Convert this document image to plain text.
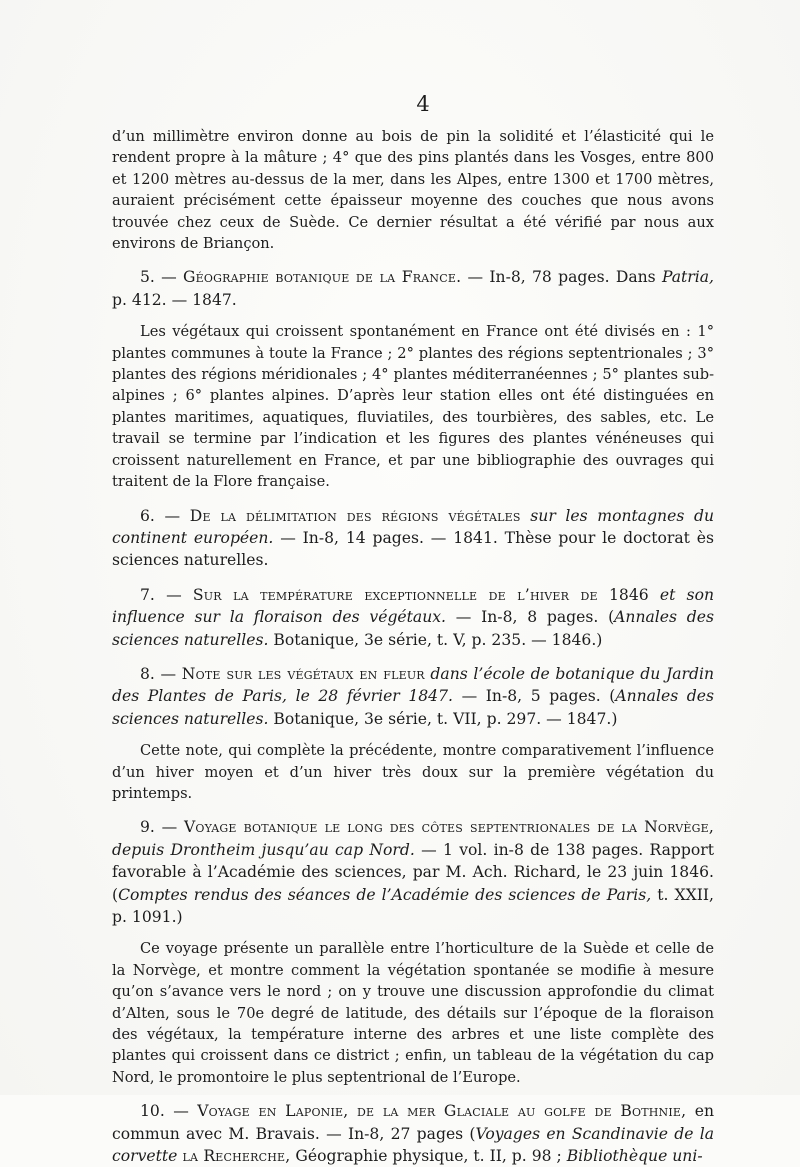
4

d’un millimètre environ donne au bois de pin la solidité et l’élasticité qui le rendent propre à la mâture ; 4° que des pins plantés dans les Vosges, entre 800 et 1200 mètres au-dessus de la mer, dans les Alpes, entre 1300 et 1700 mètres, auraient précisément cette épaisseur moyenne des couches que nous avons trouvée chez ceux de Suède. Ce dernier résultat a été vérifié par nous aux environs de Briançon.

5. — Géographie botanique de la France. — In-8, 78 pages. Dans Patria, p. 412. — 1847.

Les végétaux qui croissent spontanément en France ont été divisés en : 1° plantes communes à toute la France ; 2° plantes des régions septentrionales ; 3° plantes des régions méridionales ; 4° plantes méditerranéennes ; 5° plantes sub-alpines ; 6° plantes alpines. D’après leur station elles ont été distinguées en plantes maritimes, aquatiques, fluviatiles, des tourbières, des sables, etc. Le travail se termine par l’indication et les figures des plantes vénéneuses qui croissent naturellement en France, et par une bibliographie des ouvrages qui traitent de la Flore française.

6. — De la délimitation des régions végétales sur les montagnes du continent européen. — In-8, 14 pages. — 1841. Thèse pour le doctorat ès sciences naturelles.

7. — Sur la température exceptionnelle de l’hiver de 1846 et son influence sur la floraison des végétaux. — In-8, 8 pages. (Annales des sciences naturelles. Botanique, 3e série, t. V, p. 235. — 1846.)

8. — Note sur les végétaux en fleur dans l’école de botanique du Jardin des Plantes de Paris, le 28 février 1847. — In-8, 5 pages. (Annales des sciences naturelles. Botanique, 3e série, t. VII, p. 297. — 1847.)

Cette note, qui complète la précédente, montre comparativement l’influence d’un hiver moyen et d’un hiver très doux sur la première végétation du printemps.

9. — Voyage botanique le long des côtes septentrionales de la Norvège, depuis Drontheim jusqu’au cap Nord. — 1 vol. in-8 de 138 pages. Rapport favorable à l’Académie des sciences, par M. Ach. Richard, le 23 juin 1846. (Comptes rendus des séances de l’Académie des sciences de Paris, t. XXII, p. 1091.)

Ce voyage présente un parallèle entre l’horticulture de la Suède et celle de la Norvège, et montre comment la végétation spontanée se modifie à mesure qu’on s’avance vers le nord ; on y trouve une discussion approfondie du climat d’Alten, sous le 70e degré de latitude, des détails sur l’époque de la floraison des végétaux, la température interne des arbres et une liste complète des plantes qui croissent dans ce district ; enfin, un tableau de la végétation du cap Nord, le promontoire le plus septentrional de l’Europe.

10. — Voyage en Laponie, de la mer Glaciale au golfe de Bothnie, en commun avec M. Bravais. — In-8, 27 pages (Voyages en Scandinavie de la corvette la Recherche, Géographie physique, t. II, p. 98 ; Bibliothèque uni-
